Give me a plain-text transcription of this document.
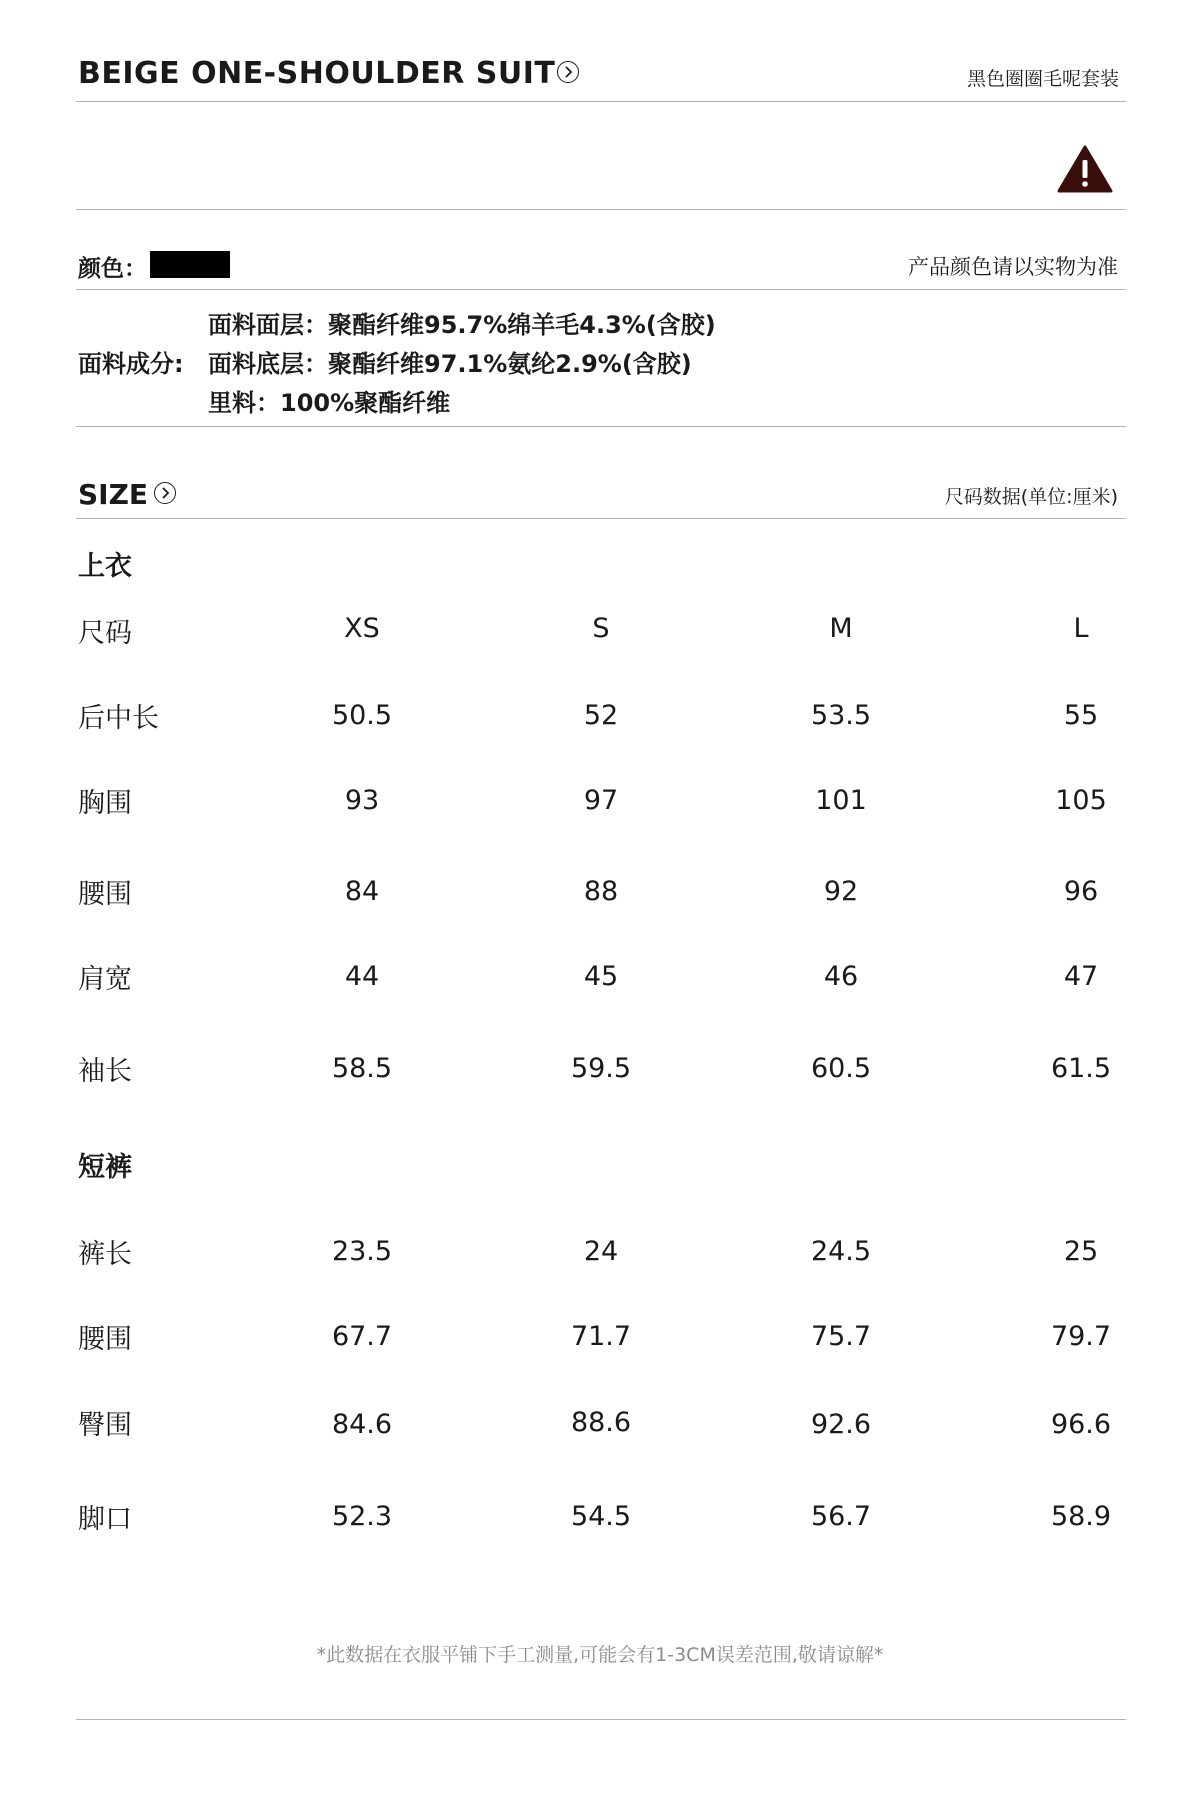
BEIGE ONE-SHOULDER SUIT	黑色圈圈毛呢套装
颜色：	产品颜色请以实物为准
面料成分:
面料面层：聚酯纤维95.7%绵羊毛4.3%(含胶)
面料底层：聚酯纤维97.1%氨纶2.9%(含胶)
里料：100%聚酯纤维
SIZE	尺码数据(单位:厘米)
上衣
尺码	XS	S	M	L
后中长	50.5	52	53.5	55
胸围	93	97	101	105
腰围	84	88	92	96
肩宽	44	45	46	47
袖长	58.5	59.5	60.5	61.5
短裤
裤长	23.5	24	24.5	25
腰围	67.7	71.7	75.7	79.7
臀围	84.6	88.6	92.6	96.6
脚口	52.3	54.5	56.7	58.9
*此数据在衣服平铺下手工测量,可能会有1-3CM误差范围,敬请谅解*
